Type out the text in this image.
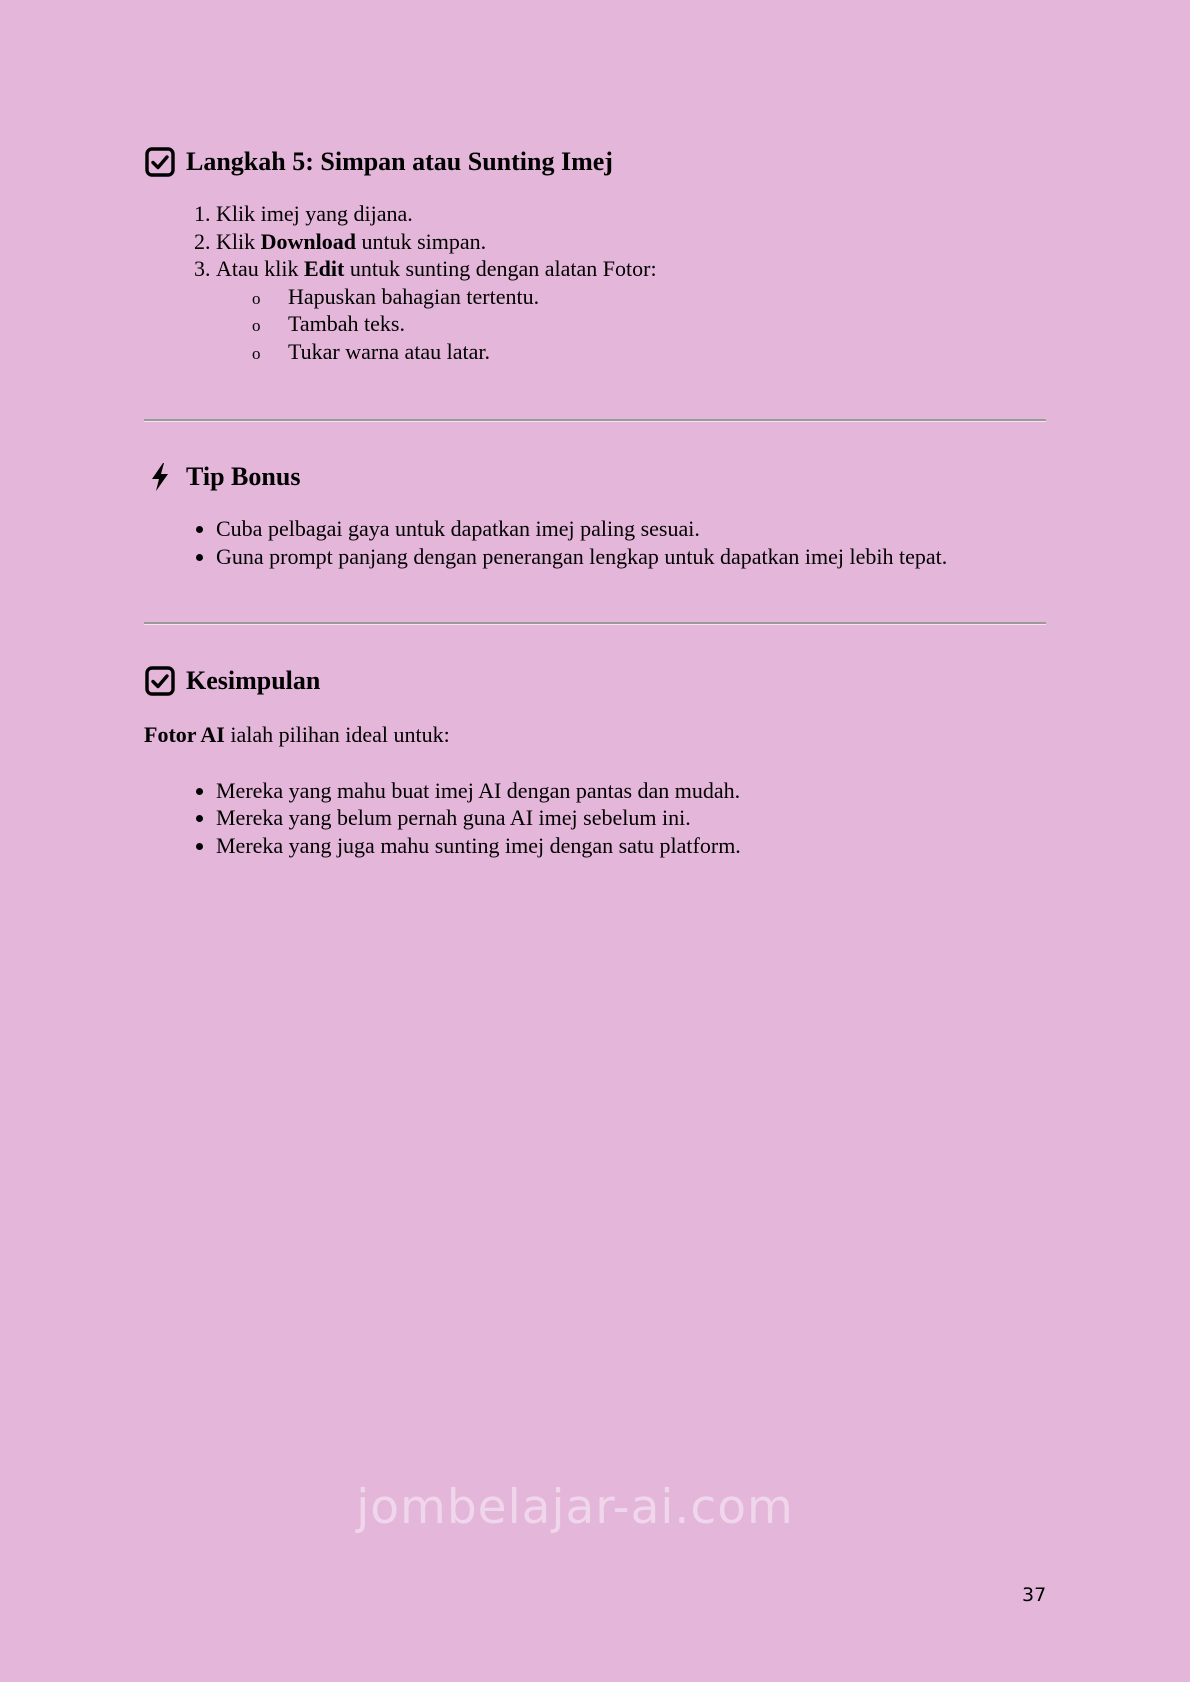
Langkah 5: Simpan atau Sunting Imej
1. Klik imej yang dijana.
2. Klik Download untuk simpan.
3. Atau klik Edit untuk sunting dengan alatan Fotor:
o Hapuskan bahagian tertentu.
o Tambah teks.
o Tukar warna atau latar.
Tip Bonus
• Cuba pelbagai gaya untuk dapatkan imej paling sesuai.
• Guna prompt panjang dengan penerangan lengkap untuk dapatkan imej lebih tepat.
Kesimpulan

Fotor AI ialah pilihan ideal untuk:

• Mereka yang mahu buat imej AI dengan pantas dan mudah.
• Mereka yang belum pernah guna AI imej sebelum ini.
• Mereka yang juga mahu sunting imej dengan satu platform.
jombelajar-ai.com
37
